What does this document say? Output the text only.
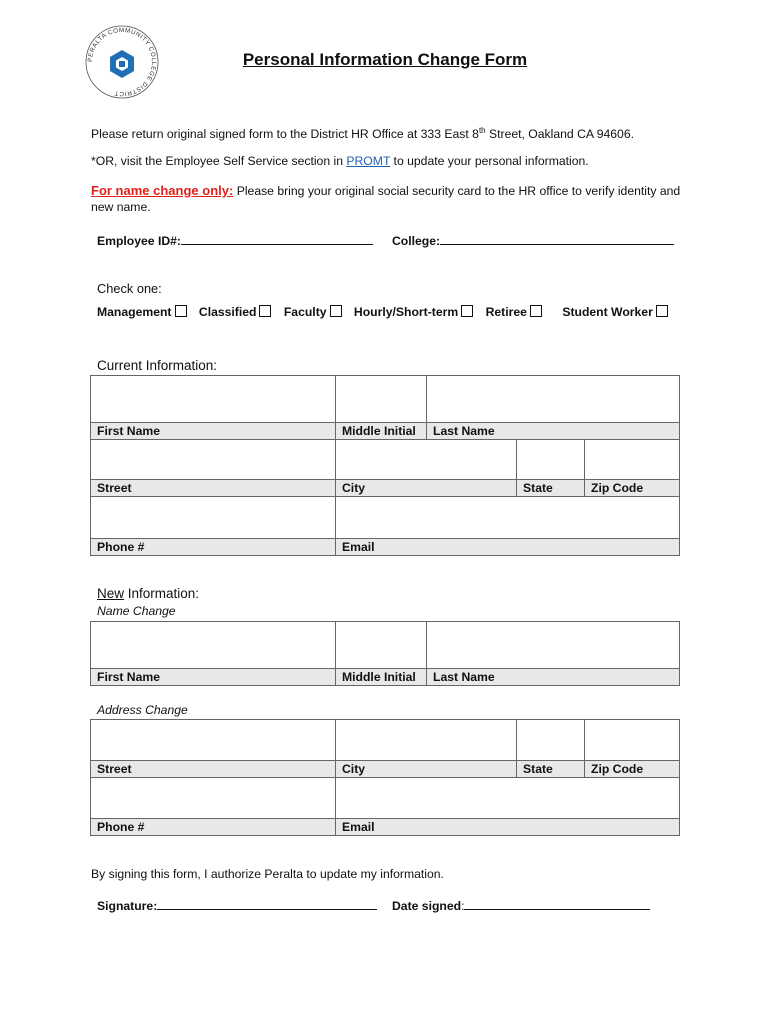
PERALTA COMMUNITY COLLEGE DISTRICT
Personal Information Change Form
Please return original signed form to the District HR Office at 333 East 8th Street, Oakland CA 94606.
*OR, visit the Employee Self Service section in PROMT to update your personal information.
For name change only: Please bring your original social security card to the HR office to verify identity and new name.
Employee ID#:	College:
Check one:
Management Classified Faculty Hourly/Short-term Retiree	Student Worker
Current Information:
First Name	Middle Initial	Last Name
Street	City	State	Zip Code
Phone #	Email
New Information:
Name Change
First Name	Middle Initial	Last Name
Address Change
Street	City	State	Zip Code
Phone #	Email
By signing this form, I authorize Peralta to update my information.
Signature:	Date signed:
